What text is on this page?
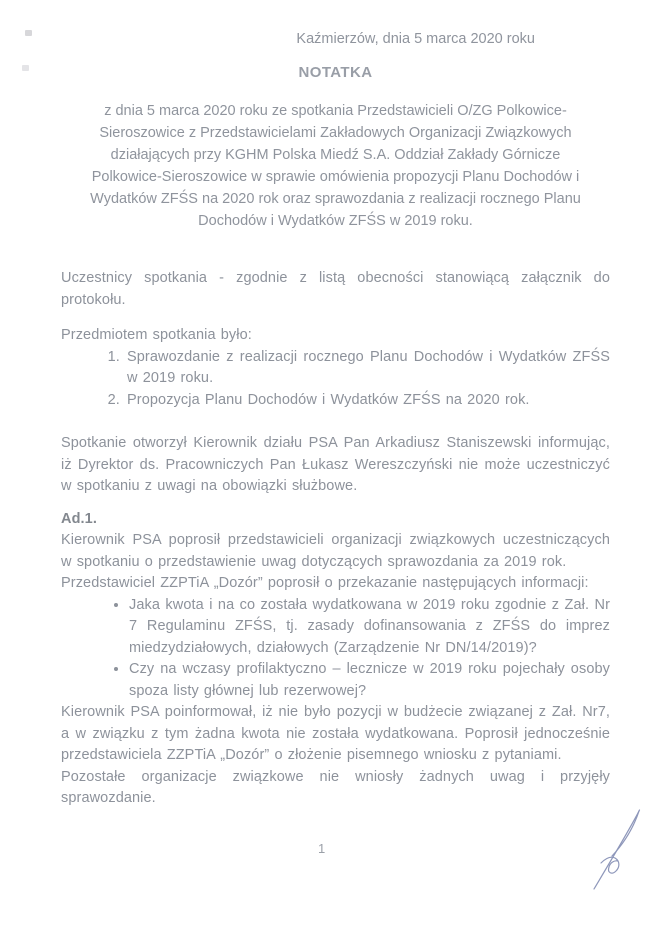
Kaźmierzów, dnia 5 marca 2020 roku
NOTATKA
z dnia 5 marca 2020 roku ze spotkania Przedstawicieli O/ZG Polkowice-Sieroszowice z Przedstawicielami Zakładowych Organizacji Związkowych działających przy KGHM Polska Miedź S.A. Oddział Zakłady Górnicze Polkowice-Sieroszowice w sprawie omówienia propozycji Planu Dochodów i Wydatków ZFŚS na 2020 rok oraz sprawozdania z realizacji rocznego Planu Dochodów i Wydatków ZFŚS w 2019 roku.
Uczestnicy spotkania - zgodnie z listą obecności stanowiącą załącznik do protokołu.
Przedmiotem spotkania było:
1. Sprawozdanie z realizacji rocznego Planu Dochodów i Wydatków ZFŚS w 2019 roku.
2. Propozycja Planu Dochodów i Wydatków ZFŚS na 2020 rok.
Spotkanie otworzył Kierownik działu PSA Pan Arkadiusz Staniszewski informując, iż Dyrektor ds. Pracowniczych Pan Łukasz Wereszczyński nie może uczestniczyć w spotkaniu z uwagi na obowiązki służbowe.
Ad.1.
Kierownik PSA poprosił przedstawicieli organizacji związkowych uczestniczących w spotkaniu o przedstawienie uwag dotyczących sprawozdania za 2019 rok.
Przedstawiciel ZZPTiA „Dozór” poprosił o przekazanie następujących informacji:
• Jaka kwota i na co została wydatkowana w 2019 roku zgodnie z Zał. Nr 7 Regulaminu ZFŚS, tj. zasady dofinansowania z ZFŚS do imprez miedzydziałowych, działowych (Zarządzenie Nr DN/14/2019)?
• Czy na wczasy profilaktyczno – lecznicze w 2019 roku pojechały osoby spoza listy głównej lub rezerwowej?
Kierownik PSA poinformował, iż nie było pozycji w budżecie związanej z Zał. Nr7, a w związku z tym żadna kwota nie została wydatkowana. Poprosił jednocześnie przedstawiciela ZZPTiA „Dozór” o złożenie pisemnego wniosku z pytaniami.
Pozostałe organizacje związkowe nie wniosły żadnych uwag i przyjęły sprawozdanie.
1
